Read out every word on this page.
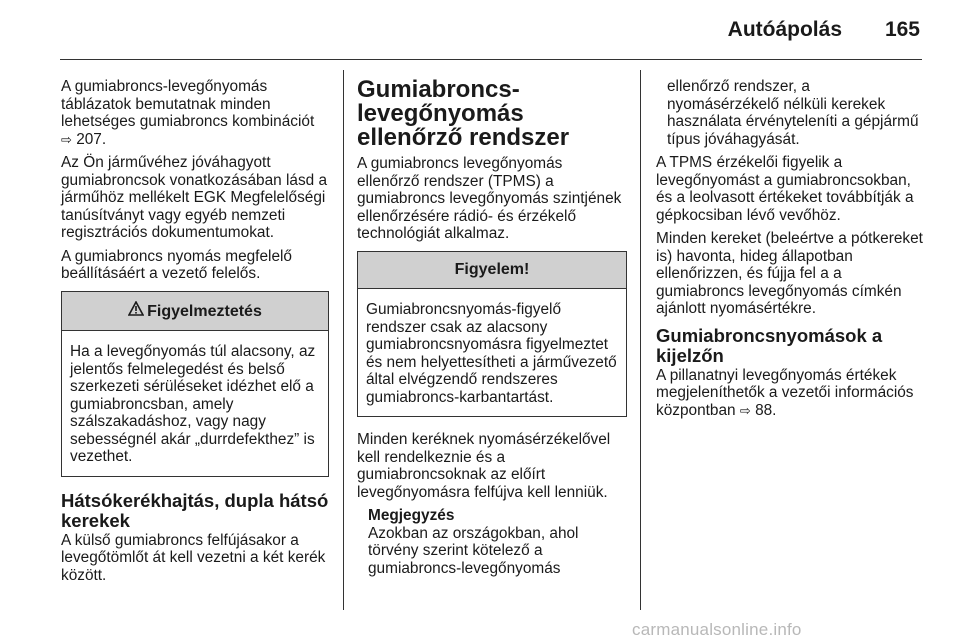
Autóápolás 165

A gumiabroncs-levegőnyomás táblázatok bemutatnak minden lehetséges gumiabroncs kombinációt ⇨ 207.

Az Ön járművéhez jóváhagyott gumiabroncsok vonatkozásában lásd a járműhöz mellékelt EGK Megfelelőségi tanúsítványt vagy egyéb nemzeti regisztrációs dokumentumokat.

A gumiabroncs nyomás megfelelő beállításáért a vezető felelős.

Figyelmeztetés
Ha a levegőnyomás túl alacsony, az jelentős felmelegedést és belső szerkezeti sérüléseket idézhet elő a gumiabroncsban, amely szálszakadáshoz, vagy nagy sebességnél akár „durrdefekthez” is vezethet.
Hátsókerékhajtás, dupla hátsó kerekek

A külső gumiabroncs felfújásakor a levegőtömlőt át kell vezetni a két kerék között.

Gumiabroncs-levegőnyomás ellenőrző rendszer

A gumiabroncs levegőnyomás ellenőrző rendszer (TPMS) a gumiabroncs levegőnyomás szintjének ellenőrzésére rádió- és érzékelő technológiát alkalmaz.

Figyelem!
Gumiabroncsnyomás-figyelő rendszer csak az alacsony gumiabroncsnyomásra figyelmeztet és nem helyettesítheti a járművezető által elvégzendő rendszeres gumiabroncs-karbantartást.

Minden keréknek nyomásérzékelővel kell rendelkeznie és a gumiabroncsoknak az előírt levegőnyomásra felfújva kell lenniük.

Megjegyzés
Azokban az országokban, ahol törvény szerint kötelező a gumiabroncs-levegőnyomás

ellenőrző rendszer, a nyomásérzékelő nélküli kerekek használata érvényteleníti a gépjármű típus jóváhagyását.

A TPMS érzékelői figyelik a levegőnyomást a gumiabroncsokban, és a leolvasott értékeket továbbítják a gépkocsiban lévő vevőhöz.

Minden kereket (beleértve a pótkereket is) havonta, hideg állapotban ellenőrizzen, és fújja fel a a gumiabroncs levegőnyomás címkén ajánlott nyomásértékre.

Gumiabroncsnyomások a kijelzőn

A pillanatnyi levegőnyomás értékek megjeleníthetők a vezetői információs központban ⇨ 88.

carmanualsonline.info
